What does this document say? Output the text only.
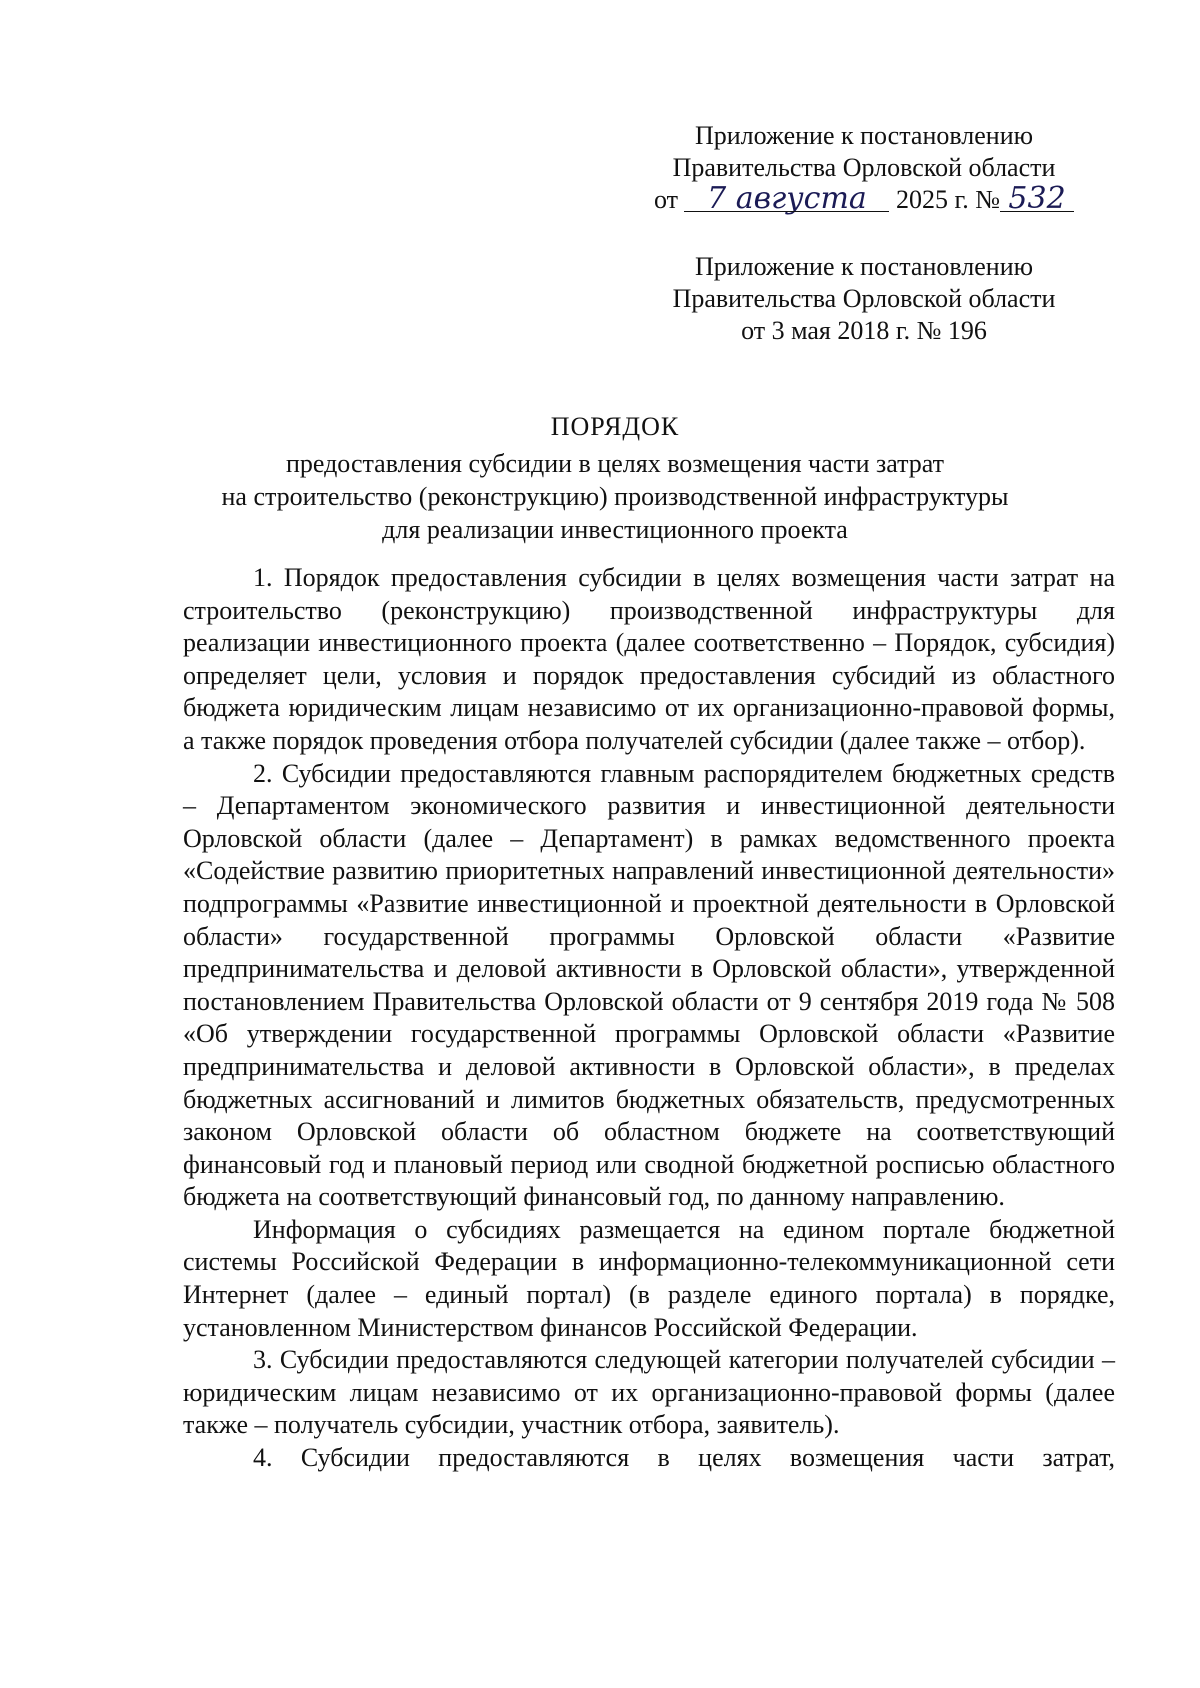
Приложение к постановлению
Правительства Орловской области
от 7 августа 2025 г. № 532
Приложение к постановлению
Правительства Орловской области
от 3 мая 2018 г. № 196
ПОРЯДОК
предоставления субсидии в целях возмещения части затрат
на строительство (реконструкцию) производственной инфраструктуры
для реализации инвестиционного проекта

1. Порядок предоставления субсидии в целях возмещения части затрат на строительство (реконструкцию) производственной инфраструктуры для реализации инвестиционного проекта (далее соответственно – Порядок, субсидия) определяет цели, условия и порядок предоставления субсидий из областного бюджета юридическим лицам независимо от их организационно-правовой формы, а также порядок проведения отбора получателей субсидии (далее также – отбор).

2. Субсидии предоставляются главным распорядителем бюджетных средств – Департаментом экономического развития и инвестиционной деятельности Орловской области (далее – Департамент) в рамках ведомственного проекта «Содействие развитию приоритетных направлений инвестиционной деятельности» подпрограммы «Развитие инвестиционной и проектной деятельности в Орловской области» государственной программы Орловской области «Развитие предпринимательства и деловой активности в Орловской области», утвержденной постановлением Правительства Орловской области от 9 сентября 2019 года № 508 «Об утверждении государственной программы Орловской области «Развитие предпринимательства и деловой активности в Орловской области», в пределах бюджетных ассигнований и лимитов бюджетных обязательств, предусмотренных законом Орловской области об областном бюджете на соответствующий финансовый год и плановый период или сводной бюджетной росписью областного бюджета на соответствующий финансовый год, по данному направлению.

Информация о субсидиях размещается на едином портале бюджетной системы Российской Федерации в информационно-телекоммуникационной сети Интернет (далее – единый портал) (в разделе единого портала) в порядке, установленном Министерством финансов Российской Федерации.

3. Субсидии предоставляются следующей категории получателей субсидии – юридическим лицам независимо от их организационно-правовой формы (далее также – получатель субсидии, участник отбора, заявитель).

4. Субсидии предоставляются в целях возмещения части затрат,
